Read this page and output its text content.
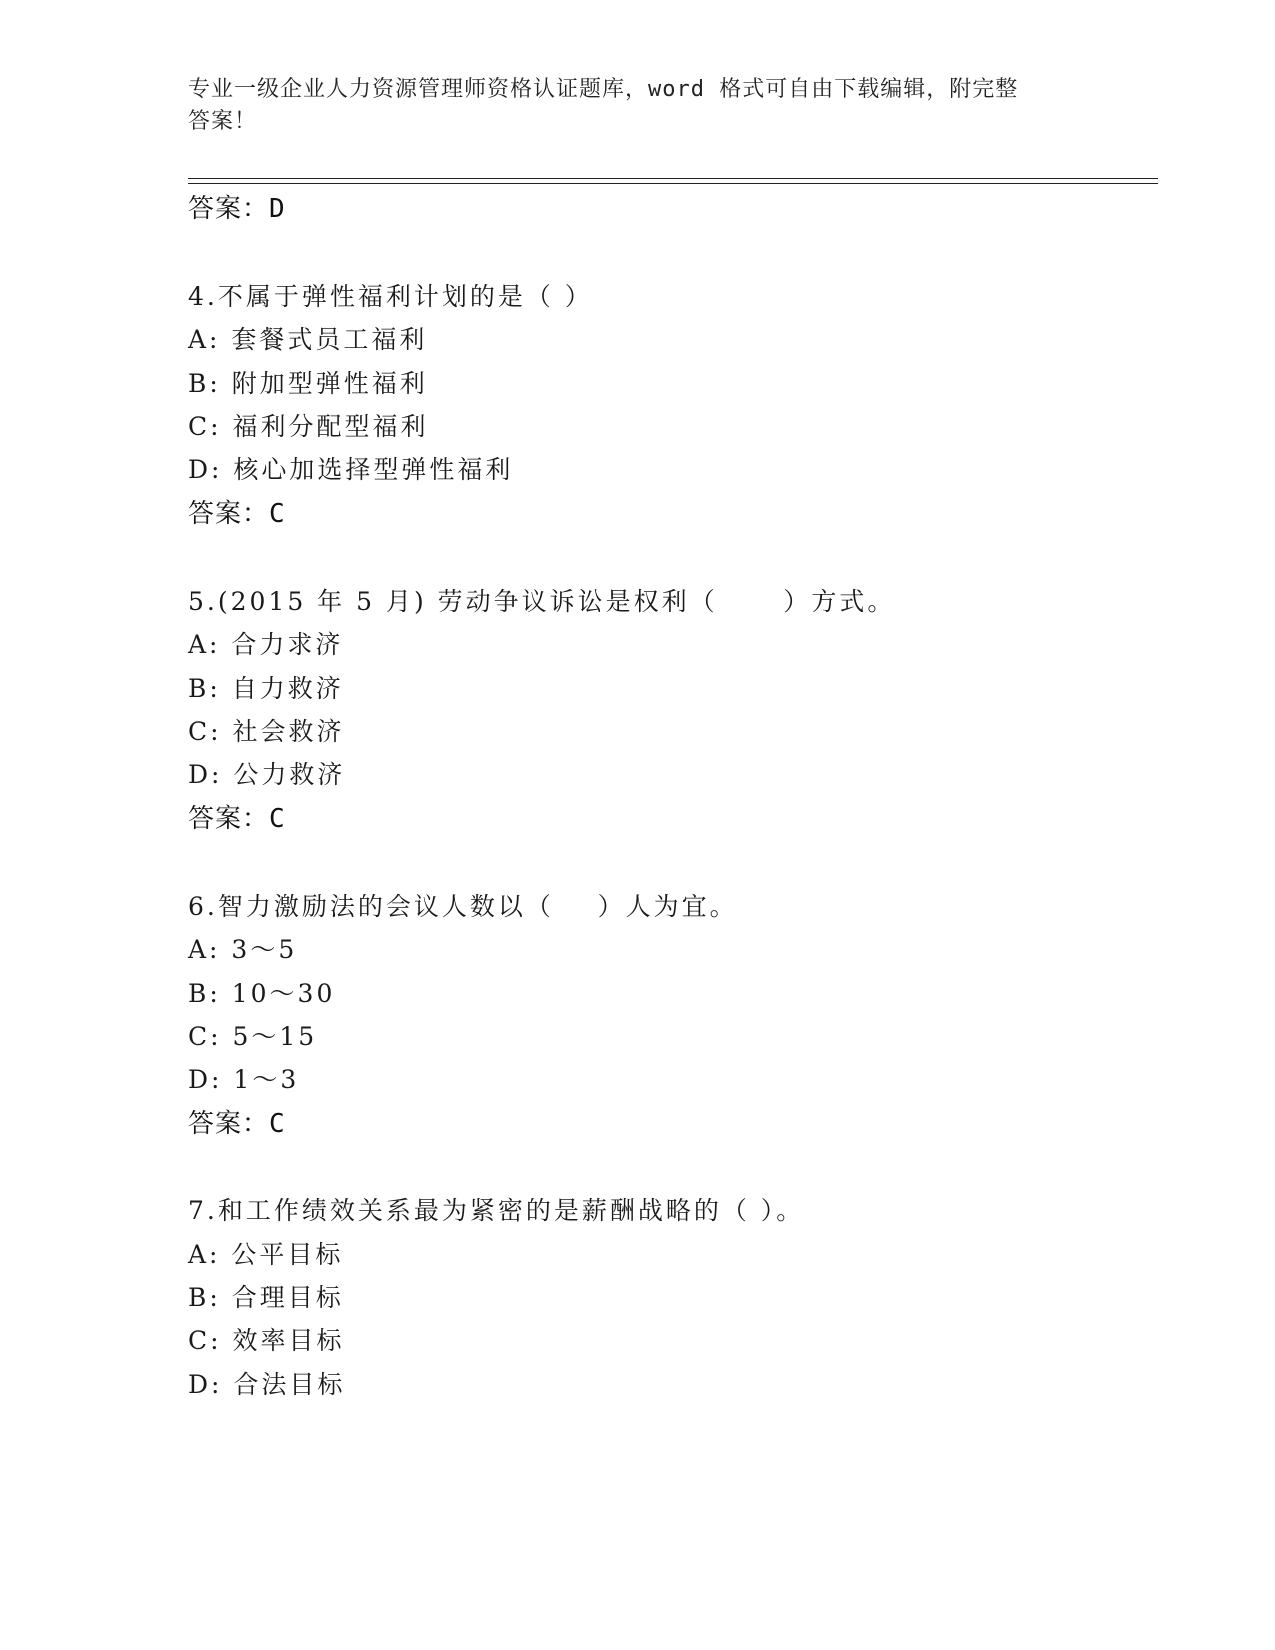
专业一级企业人力资源管理师资格认证题库，word 格式可自由下载编辑，附完整
答案！
答案：D
4.不属于弹性福利计划的是（ ）
A: 套餐式员工福利
B: 附加型弹性福利
C: 福利分配型福利
D: 核心加选择型弹性福利
答案：C
5.(2015 年 5 月) 劳动争议诉讼是权利（      ）方式。
A: 合力求济
B: 自力救济
C: 社会救济
D: 公力救济
答案：C
6.智力激励法的会议人数以（    ）人为宜。
A: 3～5
B: 10～30
C: 5～15
D: 1～3
答案：C
7.和工作绩效关系最为紧密的是薪酬战略的（ ）。
A: 公平目标
B: 合理目标
C: 效率目标
D: 合法目标
